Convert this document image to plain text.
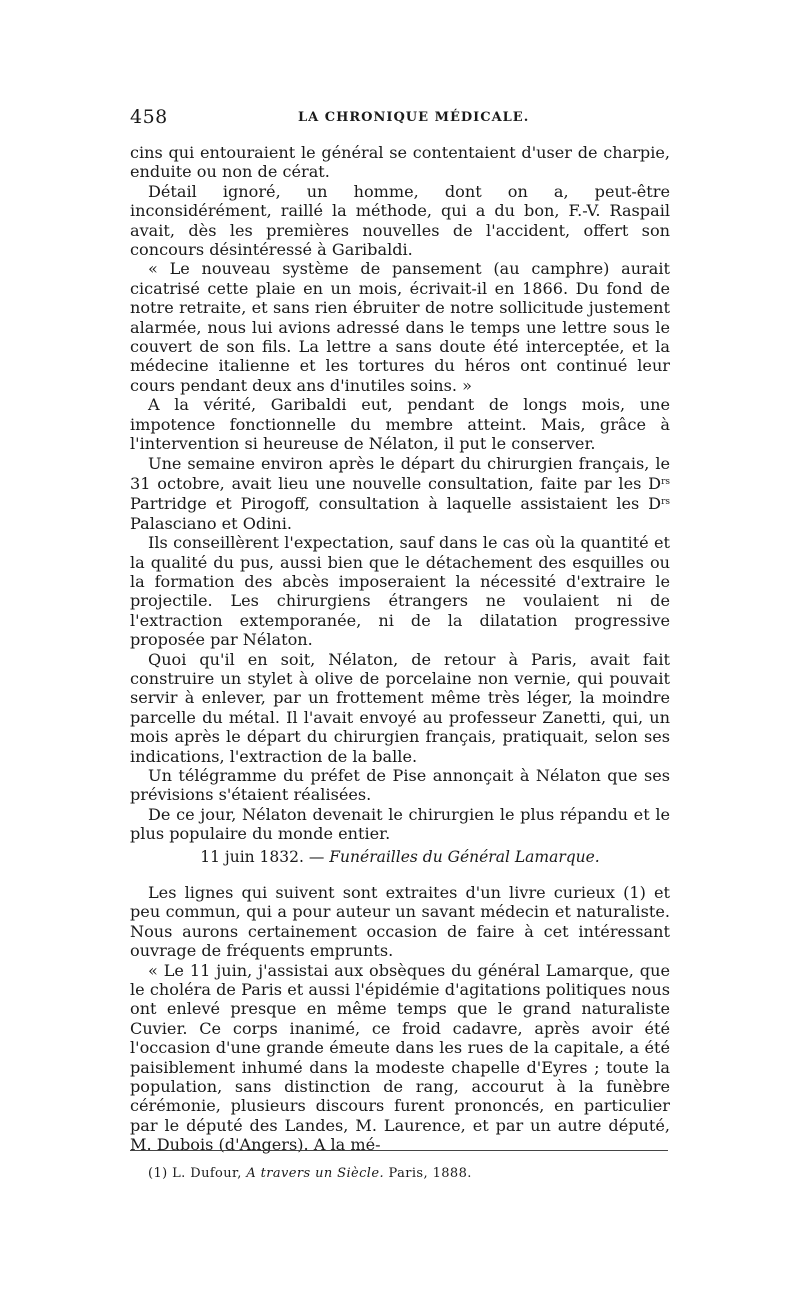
458	LA CHRONIQUE MÉDICALE.

cins qui entouraient le général se contentaient d'user de charpie, enduite ou non de cérat.

Détail ignoré, un homme, dont on a, peut-être inconsidérément, raillé la méthode, qui a du bon, F.-V. Raspail avait, dès les premières nouvelles de l'accident, offert son concours désintéressé à Garibaldi.

« Le nouveau système de pansement (au camphre) aurait cicatrisé cette plaie en un mois, écrivait-il en 1866. Du fond de notre retraite, et sans rien ébruiter de notre sollicitude justement alarmée, nous lui avions adressé dans le temps une lettre sous le couvert de son fils. La lettre a sans doute été interceptée, et la médecine italienne et les tortures du héros ont continué leur cours pendant deux ans d'inutiles soins. »

A la vérité, Garibaldi eut, pendant de longs mois, une impotence fonctionnelle du membre atteint. Mais, grâce à l'intervention si heureuse de Nélaton, il put le conserver.

Une semaine environ après le départ du chirurgien français, le 31 octobre, avait lieu une nouvelle consultation, faite par les $D^{rs}$ Partridge et Pirogoff, consultation à laquelle assistaient les $D^{rs}$ Palasciano et Odini.

Ils conseillèrent l'expectation, sauf dans le cas où la quantité et la qualité du pus, aussi bien que le détachement des esquilles ou la formation des abcès imposeraient la nécessité d'extraire le projectile. Les chirurgiens étrangers ne voulaient ni de l'extraction extemporanée, ni de la dilatation progressive proposée par Nélaton.

Quoi qu'il en soit, Nélaton, de retour à Paris, avait fait construire un stylet à olive de porcelaine non vernie, qui pouvait servir à enlever, par un frottement même très léger, la moindre parcelle du métal. Il l'avait envoyé au professeur Zanetti, qui, un mois après le départ du chirurgien français, pratiquait, selon ses indications, l'extraction de la balle.

Un télégramme du préfet de Pise annonçait à Nélaton que ses prévisions s'étaient réalisées.

De ce jour, Nélaton devenait le chirurgien le plus répandu et le plus populaire du monde entier.

11 juin 1832. — Funérailles du Général Lamarque.

Les lignes qui suivent sont extraites d'un livre curieux (1) et peu commun, qui a pour auteur un savant médecin et naturaliste. Nous aurons certainement occasion de faire à cet intéressant ouvrage de fréquents emprunts.

« Le 11 juin, j'assistai aux obsèques du général Lamarque, que le choléra de Paris et aussi l'épidémie d'agitations politiques nous ont enlevé presque en même temps que le grand naturaliste Cuvier. Ce corps inanimé, ce froid cadavre, après avoir été l'occasion d'une grande émeute dans les rues de la capitale, a été paisiblement inhumé dans la modeste chapelle d'Eyres ; toute la population, sans distinction de rang, accourut à la funèbre cérémonie, plusieurs discours furent prononcés, en particulier par le député des Landes, M. Laurence, et par un autre député, M. Dubois (d'Angers). A la mé-

(1) L. Dufour, A travers un Siècle. Paris, 1888.
